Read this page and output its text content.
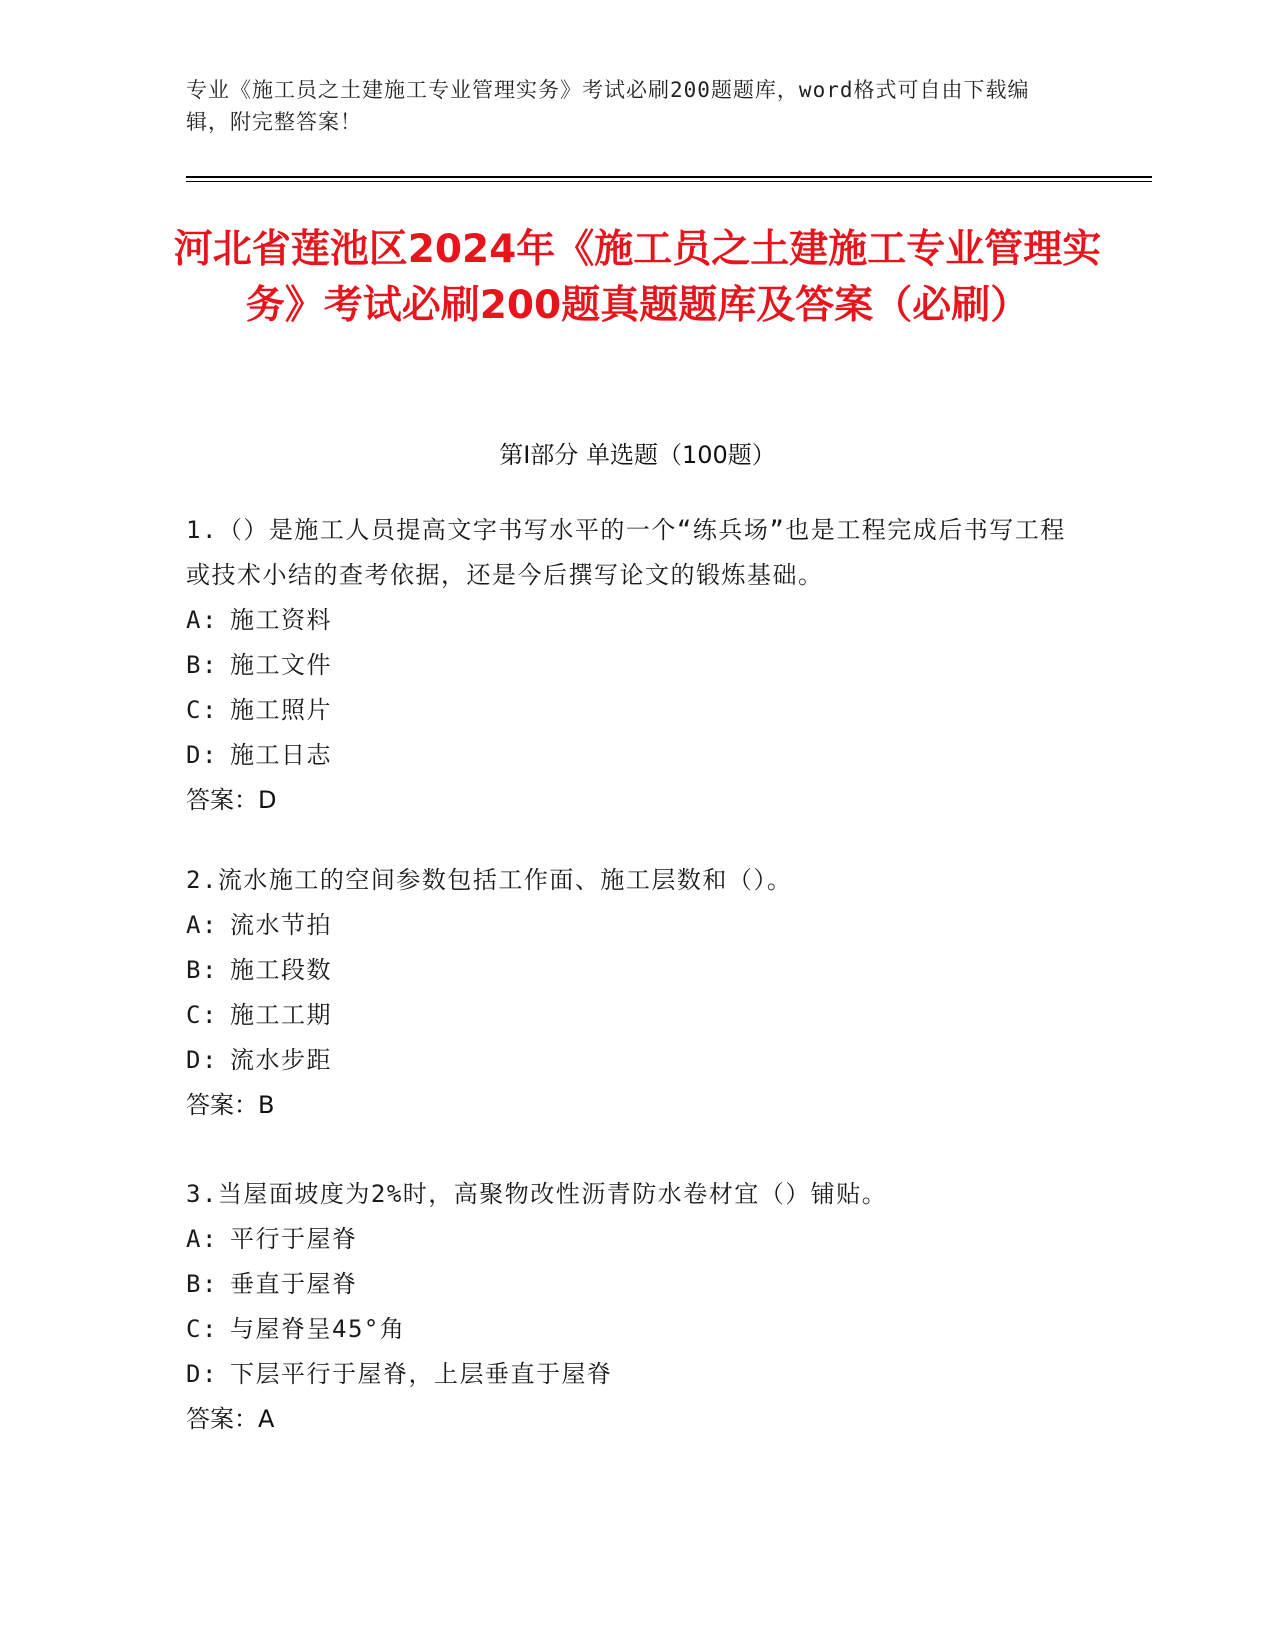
专业《施工员之土建施工专业管理实务》考试必刷200题题库，word格式可自由下载编辑，附完整答案！
河北省莲池区2024年《施工员之土建施工专业管理实务》考试必刷200题真题题库及答案（必刷）
第I部分 单选题（100题）

1.（）是施工人员提高文字书写水平的一个“练兵场”也是工程完成后书写工程或技术小结的查考依据，还是今后撰写论文的锻炼基础。

A: 施工资料

B: 施工文件

C: 施工照片

D: 施工日志

答案：D

2.流水施工的空间参数包括工作面、施工层数和（）。

A: 流水节拍

B: 施工段数

C: 施工工期

D: 流水步距

答案：B

3.当屋面坡度为2%时，高聚物改性沥青防水卷材宜（）铺贴。

A: 平行于屋脊

B: 垂直于屋脊

C: 与屋脊呈45°角

D: 下层平行于屋脊，上层垂直于屋脊

答案：A
